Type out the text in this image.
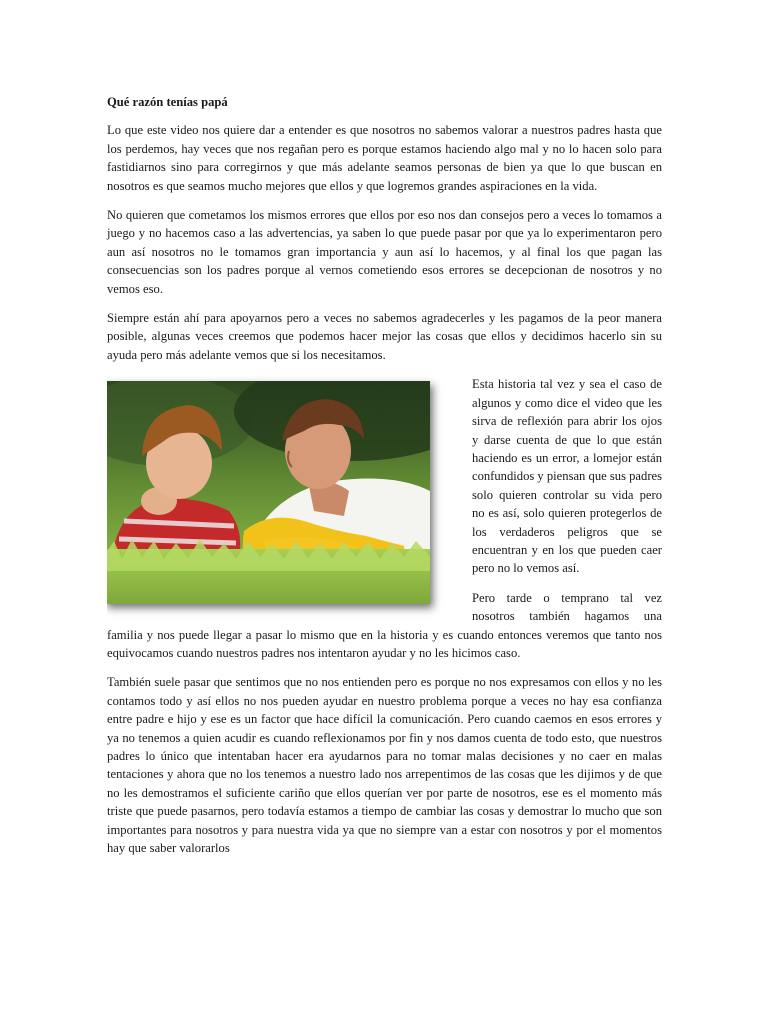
Qué razón tenías papá

Lo que este video nos quiere dar a entender es que nosotros no sabemos valorar a nuestros padres hasta que los perdemos, hay veces que nos regañan pero es porque estamos haciendo algo mal y no lo hacen solo para fastidiarnos sino para corregirnos y que más adelante seamos personas de bien ya que lo que buscan en nosotros es que seamos mucho mejores que ellos y que logremos grandes aspiraciones en la vida.

No quieren que cometamos los mismos errores que ellos por eso nos dan consejos pero a veces lo tomamos a juego y no hacemos caso a las advertencias, ya saben lo que puede pasar por que ya lo experimentaron pero aun así nosotros no le tomamos gran importancia y aun así lo hacemos, y al final los que pagan las consecuencias son los padres porque al vernos cometiendo esos errores se decepcionan de nosotros y no vemos eso.

Siempre están ahí para apoyarnos pero a veces no sabemos agradecerles y les pagamos de la peor manera posible, algunas veces creemos que podemos hacer mejor las cosas que ellos y decidimos hacerlo sin su ayuda pero más adelante vemos que si los necesitamos.

Esta historia tal vez y sea el caso de algunos y como dice el video que les sirva de reflexión para abrir los ojos y darse cuenta de que lo que están haciendo es un error, a lomejor están confundidos y piensan que sus padres solo quieren controlar su vida pero no es así, solo quieren protegerlos de los verdaderos peligros que se encuentran y en los que pueden caer pero no lo vemos así.

Pero tarde o temprano tal vez nosotros también hagamos una familia y nos puede llegar a pasar lo mismo que en la historia y es cuando entonces veremos que tanto nos equivocamos cuando nuestros padres nos intentaron ayudar y no les hicimos caso.

También suele pasar que sentimos que no nos entienden pero es porque no nos expresamos con ellos y no les contamos todo y así ellos no nos pueden ayudar en nuestro problema porque a veces no hay esa confianza entre padre e hijo y ese es un factor que hace difícil la comunicación. Pero cuando caemos en esos errores y ya no tenemos a quien acudir es cuando reflexionamos por fin y nos damos cuenta de todo esto, que nuestros padres lo único que intentaban hacer era ayudarnos para no tomar malas decisiones y no caer en malas tentaciones y ahora que no los tenemos a nuestro lado nos arrepentimos de las cosas que les dijimos y de que no les demostramos el suficiente cariño que ellos querían ver por parte de nosotros, ese es el momento más triste que puede pasarnos, pero todavía estamos a tiempo de cambiar las cosas y demostrar lo mucho que son importantes para nosotros y para nuestra vida ya que no siempre van a estar con nosotros y por el momentos hay que saber valorarlos
